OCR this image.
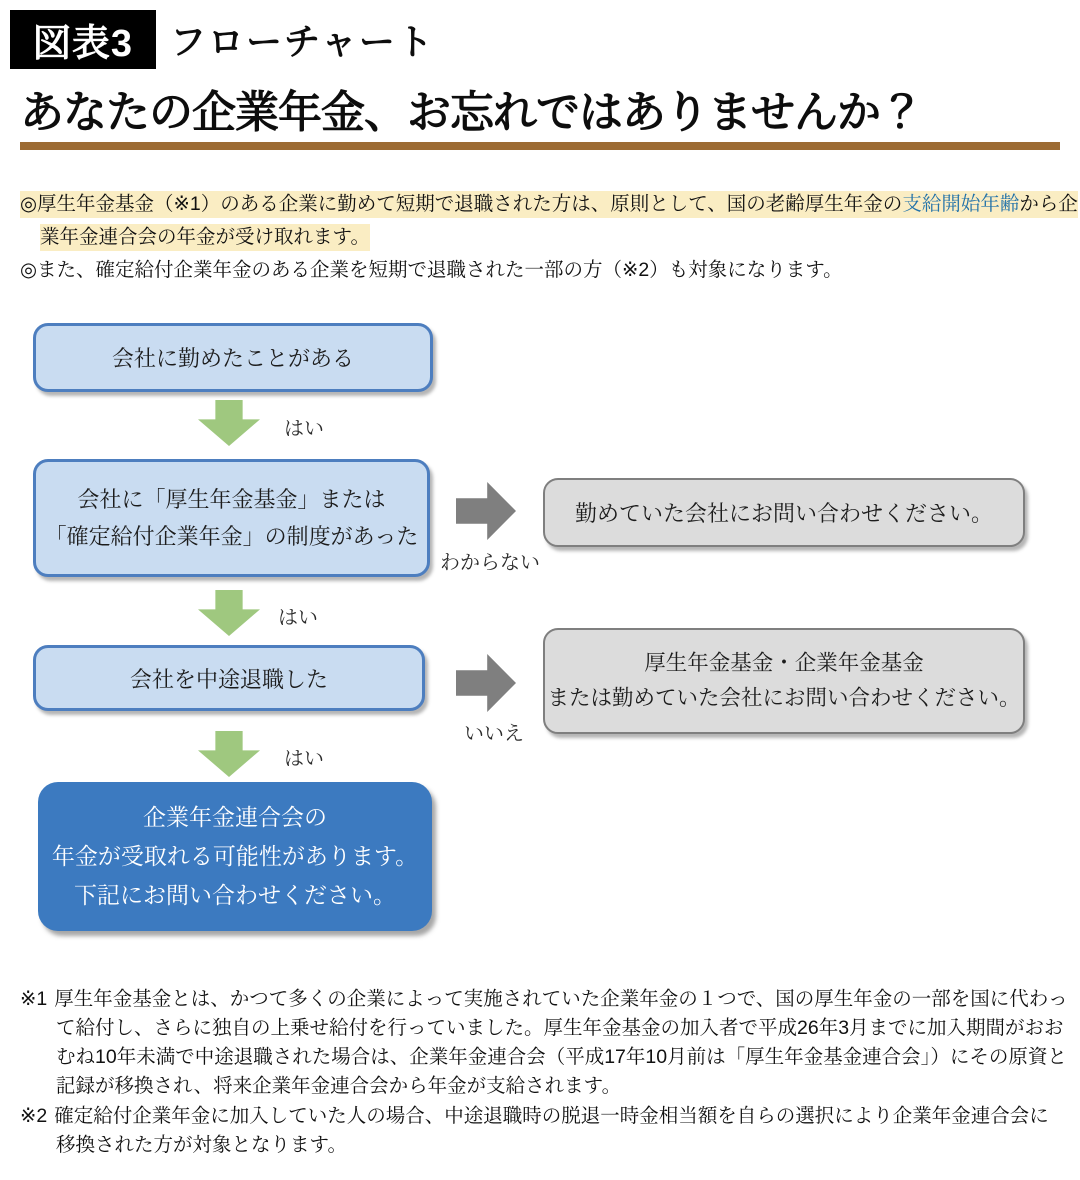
図表3	フローチャート
あなたの企業年金、お忘れではありませんか？

◎厚生年金基金（※1）のある企業に勤めて短期で退職された方は、原則として、国の老齢厚生年金の支給開始年齢から企

業年金連合会の年金が受け取れます。

◎また、確定給付企業年金のある企業を短期で退職された一部の方（※2）も対象になります。

会社に勤めたことがある
はい
会社に「厚生年金基金」または
「確定給付企業年金」の制度があった
わからない
勤めていた会社にお問い合わせください。
はい
会社を中途退職した
いいえ
厚生年金基金・企業年金基金
または勤めていた会社にお問い合わせください。
はい
企業年金連合会の
年金が受取れる可能性があります。
下記にお問い合わせください。

※1 厚生年金基金とは、かつて多くの企業によって実施されていた企業年金の１つで、国の厚生年金の一部を国に代わって給付し、さらに独自の上乗せ給付を行っていました。厚生年金基金の加入者で平成26年3月までに加入期間がおおむね10年未満で中途退職された場合は、企業年金連合会（平成17年10月前は「厚生年金基金連合会」）にその原資と記録が移換され、将来企業年金連合会から年金が支給されます。

※2 確定給付企業年金に加入していた人の場合、中途退職時の脱退一時金相当額を自らの選択により企業年金連合会に移換された方が対象となります。
